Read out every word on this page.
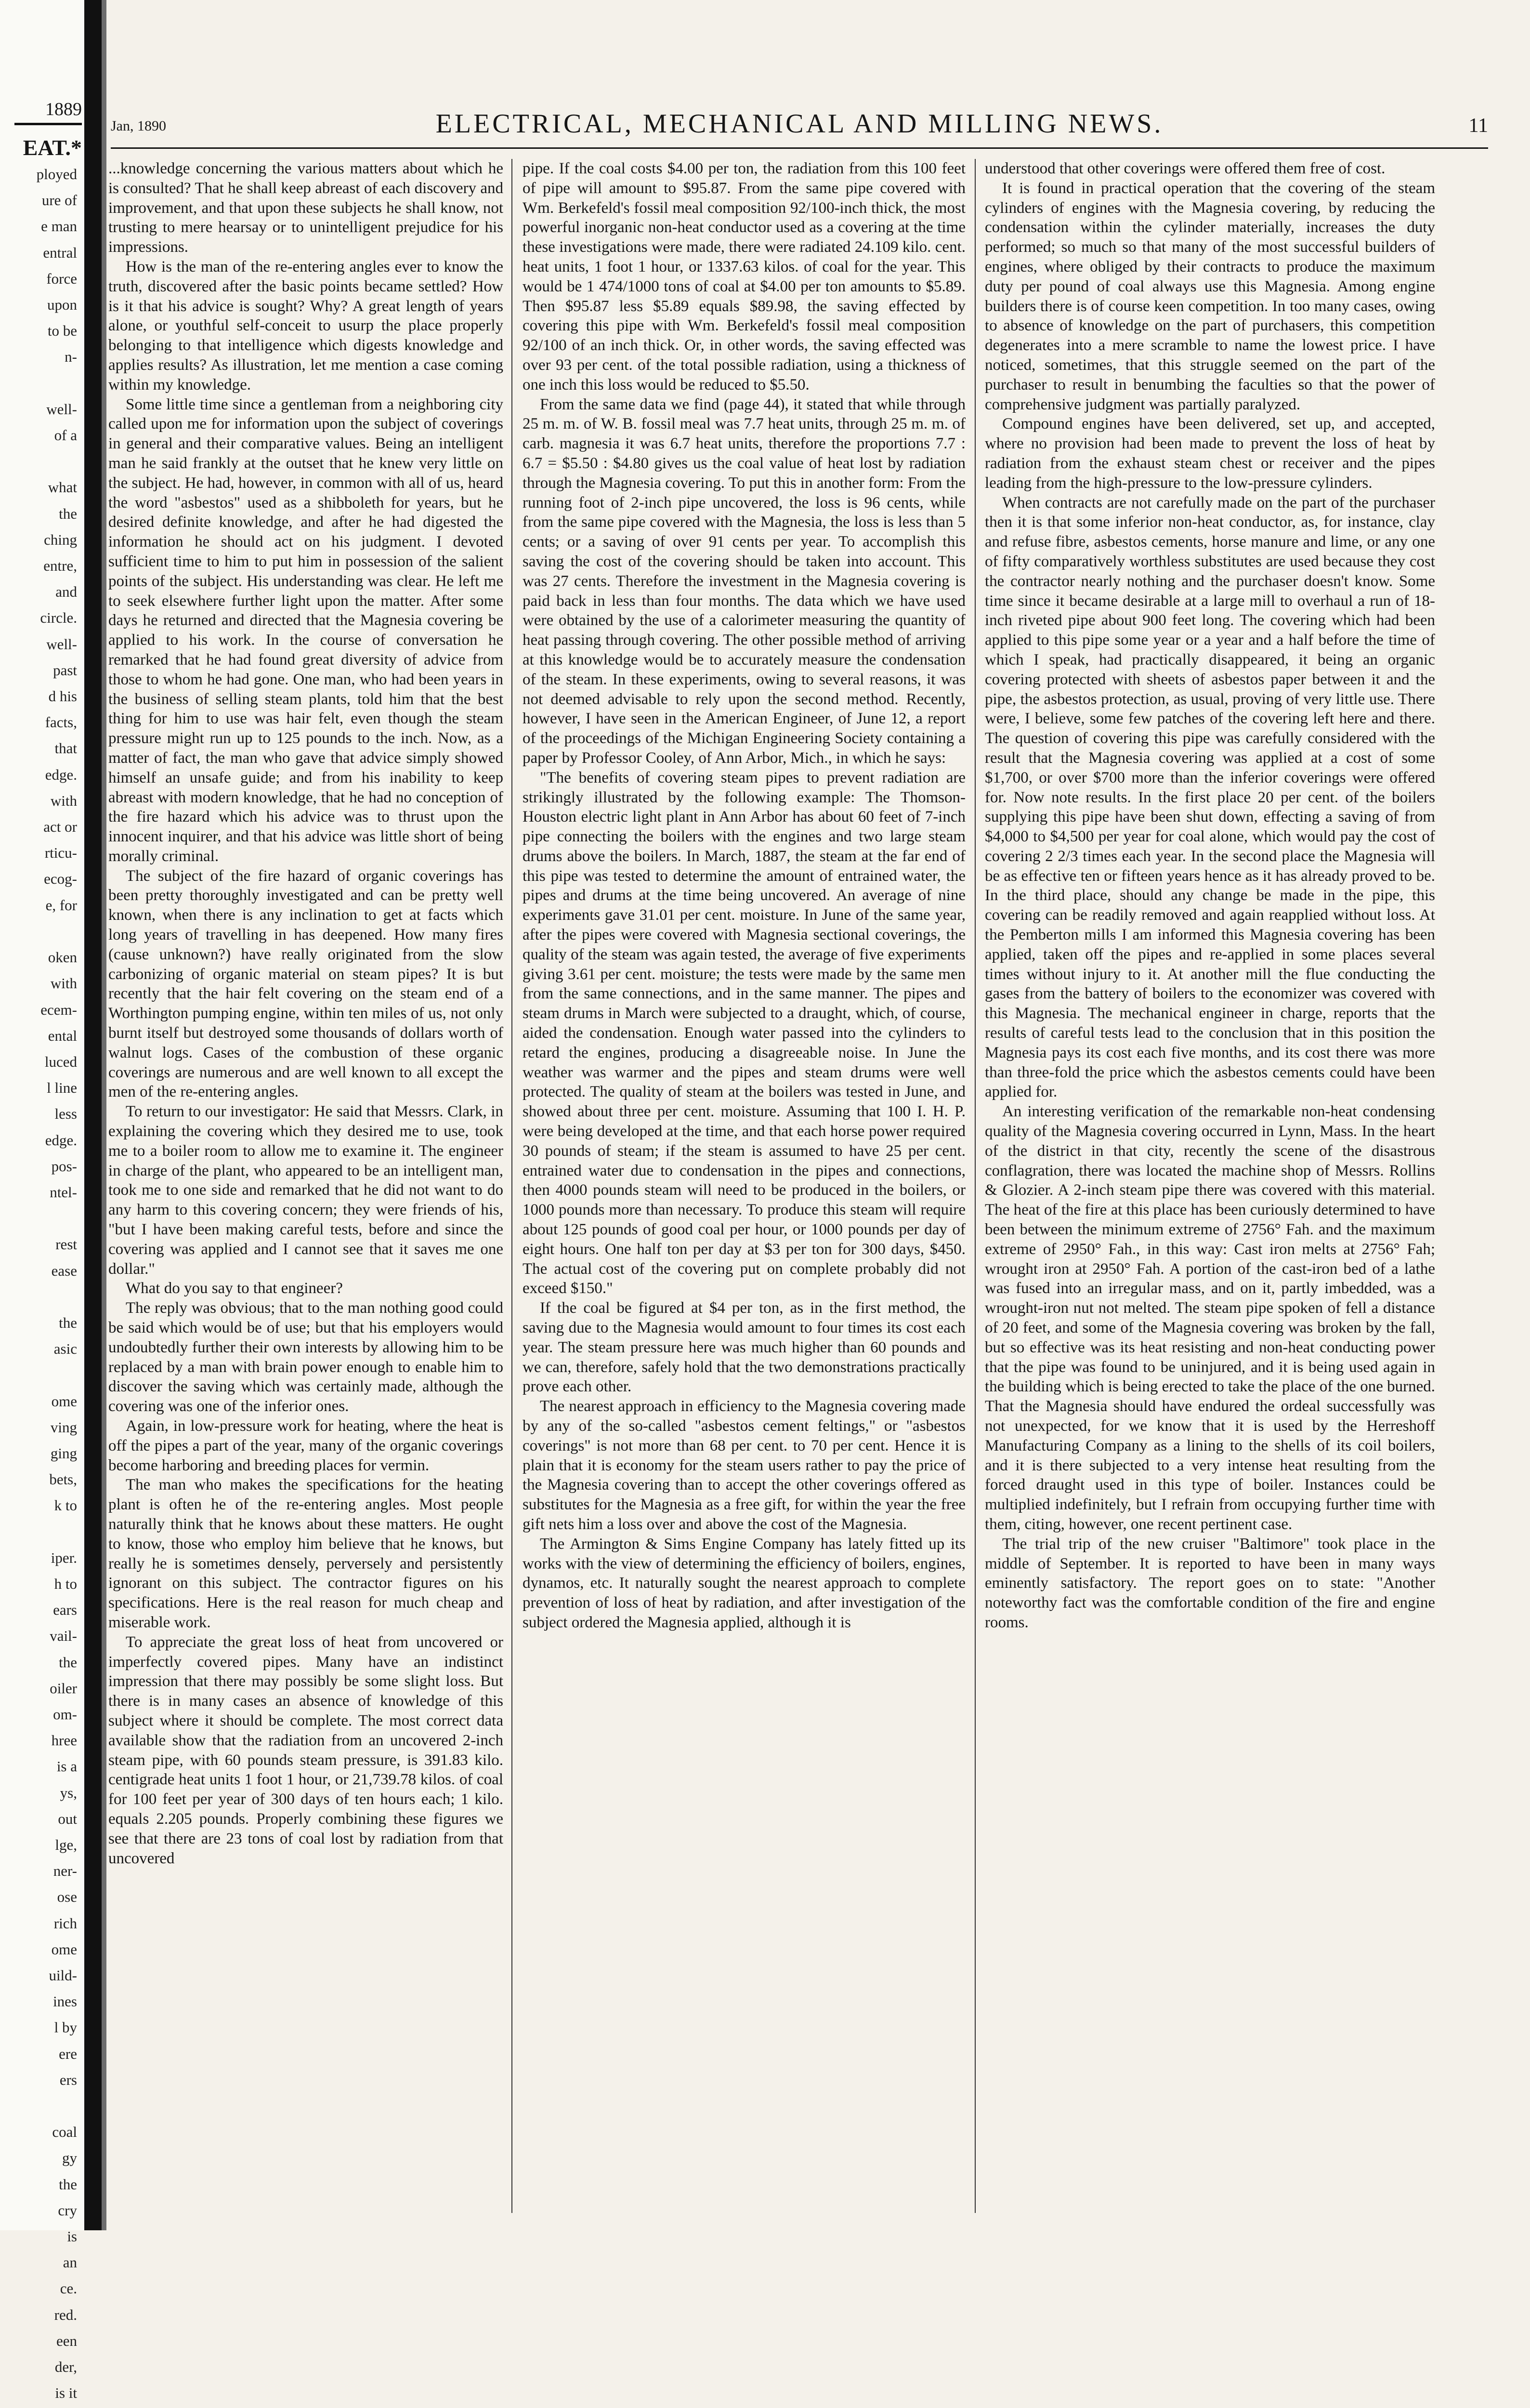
1889
EAT.*
ployed
ure of
e man
entral
force
upon
to be
n-

well-
of a

what
the
ching
entre,
and
circle.
well-
past
d his
facts,
that
edge.
with
act or
rticu-
ecog-
e, for

oken
with
ecem-
ental
luced
l line
less
edge.
pos-
ntel-

rest
ease

the
asic

ome
ving
ging
bets,
k to

iper.
h to
ears
vail-
the
oiler
om-
hree
is a
ys,
out
lge,
ner-
ose
rich
ome
uild-
ines
l by
ere
ers

coal
gy
the
cry
is
an
ce.
red.
een
der,
is it

Jan, 1890	ELECTRICAL, MECHANICAL AND MILLING NEWS.	11

...knowledge concerning the various matters about which he is consulted? That he shall keep abreast of each discovery and improvement, and that upon these subjects he shall know, not trusting to mere hearsay or to unintelligent prejudice for his impressions.

How is the man of the re-entering angles ever to know the truth, discovered after the basic points became settled? How is it that his advice is sought? Why? A great length of years alone, or youthful self-conceit to usurp the place properly belonging to that intelligence which digests knowledge and applies results? As illustration, let me mention a case coming within my knowledge.

Some little time since a gentleman from a neighboring city called upon me for information upon the subject of coverings in general and their comparative values. Being an intelligent man he said frankly at the outset that he knew very little on the subject. He had, however, in common with all of us, heard the word "asbestos" used as a shibboleth for years, but he desired definite knowledge, and after he had digested the information he should act on his judgment. I devoted sufficient time to him to put him in possession of the salient points of the subject. His understanding was clear. He left me to seek elsewhere further light upon the matter. After some days he returned and directed that the Magnesia covering be applied to his work. In the course of conversation he remarked that he had found great diversity of advice from those to whom he had gone. One man, who had been years in the business of selling steam plants, told him that the best thing for him to use was hair felt, even though the steam pressure might run up to 125 pounds to the inch. Now, as a matter of fact, the man who gave that advice simply showed himself an unsafe guide; and from his inability to keep abreast with modern knowledge, that he had no conception of the fire hazard which his advice was to thrust upon the innocent inquirer, and that his advice was little short of being morally criminal.

The subject of the fire hazard of organic coverings has been pretty thoroughly investigated and can be pretty well known, when there is any inclination to get at facts which long years of travelling in has deepened. How many fires (cause unknown?) have really originated from the slow carbonizing of organic material on steam pipes? It is but recently that the hair felt covering on the steam end of a Worthington pumping engine, within ten miles of us, not only burnt itself but destroyed some thousands of dollars worth of walnut logs. Cases of the combustion of these organic coverings are numerous and are well known to all except the men of the re-entering angles.

To return to our investigator: He said that Messrs. Clark, in explaining the covering which they desired me to use, took me to a boiler room to allow me to examine it. The engineer in charge of the plant, who appeared to be an intelligent man, took me to one side and remarked that he did not want to do any harm to this covering concern; they were friends of his, "but I have been making careful tests, before and since the covering was applied and I cannot see that it saves me one dollar."

What do you say to that engineer?

The reply was obvious; that to the man nothing good could be said which would be of use; but that his employers would undoubtedly further their own interests by allowing him to be replaced by a man with brain power enough to enable him to discover the saving which was certainly made, although the covering was one of the inferior ones.

Again, in low-pressure work for heating, where the heat is off the pipes a part of the year, many of the organic coverings become harboring and breeding places for vermin.

The man who makes the specifications for the heating plant is often he of the re-entering angles. Most people naturally think that he knows about these matters. He ought to know, those who employ him believe that he knows, but really he is sometimes densely, perversely and persistently ignorant on this subject. The contractor figures on his specifications. Here is the real reason for much cheap and miserable work.

To appreciate the great loss of heat from uncovered or imperfectly covered pipes. Many have an indistinct impression that there may possibly be some slight loss. But there is in many cases an absence of knowledge of this subject where it should be complete. The most correct data available show that the radiation from an uncovered 2-inch steam pipe, with 60 pounds steam pressure, is 391.83 kilo. centigrade heat units 1 foot 1 hour, or 21,739.78 kilos. of coal for 100 feet per year of 300 days of ten hours each; 1 kilo. equals 2.205 pounds. Properly combining these figures we see that there are 23 tons of coal lost by radiation from that uncovered

pipe. If the coal costs $4.00 per ton, the radiation from this 100 feet of pipe will amount to $95.87. From the same pipe covered with Wm. Berkefeld's fossil meal composition 92/100-inch thick, the most powerful inorganic non-heat conductor used as a covering at the time these investigations were made, there were radiated 24.109 kilo. cent. heat units, 1 foot 1 hour, or 1337.63 kilos. of coal for the year. This would be 1 474/1000 tons of coal at $4.00 per ton amounts to $5.89. Then $95.87 less $5.89 equals $89.98, the saving effected by covering this pipe with Wm. Berkefeld's fossil meal composition 92/100 of an inch thick. Or, in other words, the saving effected was over 93 per cent. of the total possible radiation, using a thickness of one inch this loss would be reduced to $5.50.

From the same data we find (page 44), it stated that while through 25 m. m. of W. B. fossil meal was 7.7 heat units, through 25 m. m. of carb. magnesia it was 6.7 heat units, therefore the proportions 7.7 : 6.7 = $5.50 : $4.80 gives us the coal value of heat lost by radiation through the Magnesia covering. To put this in another form: From the running foot of 2-inch pipe uncovered, the loss is 96 cents, while from the same pipe covered with the Magnesia, the loss is less than 5 cents; or a saving of over 91 cents per year. To accomplish this saving the cost of the covering should be taken into account. This was 27 cents. Therefore the investment in the Magnesia covering is paid back in less than four months. The data which we have used were obtained by the use of a calorimeter measuring the quantity of heat passing through covering. The other possible method of arriving at this knowledge would be to accurately measure the condensation of the steam. In these experiments, owing to several reasons, it was not deemed advisable to rely upon the second method. Recently, however, I have seen in the American Engineer, of June 12, a report of the proceedings of the Michigan Engineering Society containing a paper by Professor Cooley, of Ann Arbor, Mich., in which he says:

"The benefits of covering steam pipes to prevent radiation are strikingly illustrated by the following example: The Thomson-Houston electric light plant in Ann Arbor has about 60 feet of 7-inch pipe connecting the boilers with the engines and two large steam drums above the boilers. In March, 1887, the steam at the far end of this pipe was tested to determine the amount of entrained water, the pipes and drums at the time being uncovered. An average of nine experiments gave 31.01 per cent. moisture. In June of the same year, after the pipes were covered with Magnesia sectional coverings, the quality of the steam was again tested, the average of five experiments giving 3.61 per cent. moisture; the tests were made by the same men from the same connections, and in the same manner. The pipes and steam drums in March were subjected to a draught, which, of course, aided the condensation. Enough water passed into the cylinders to retard the engines, producing a disagreeable noise. In June the weather was warmer and the pipes and steam drums were well protected. The quality of steam at the boilers was tested in June, and showed about three per cent. moisture. Assuming that 100 I. H. P. were being developed at the time, and that each horse power required 30 pounds of steam; if the steam is assumed to have 25 per cent. entrained water due to condensation in the pipes and connections, then 4000 pounds steam will need to be produced in the boilers, or 1000 pounds more than necessary. To produce this steam will require about 125 pounds of good coal per hour, or 1000 pounds per day of eight hours. One half ton per day at $3 per ton for 300 days, $450. The actual cost of the covering put on complete probably did not exceed $150."

If the coal be figured at $4 per ton, as in the first method, the saving due to the Magnesia would amount to four times its cost each year. The steam pressure here was much higher than 60 pounds and we can, therefore, safely hold that the two demonstrations practically prove each other.

The nearest approach in efficiency to the Magnesia covering made by any of the so-called "asbestos cement feltings," or "asbestos coverings" is not more than 68 per cent. to 70 per cent. Hence it is plain that it is economy for the steam users rather to pay the price of the Magnesia covering than to accept the other coverings offered as substitutes for the Magnesia as a free gift, for within the year the free gift nets him a loss over and above the cost of the Magnesia.

The Armington & Sims Engine Company has lately fitted up its works with the view of determining the efficiency of boilers, engines, dynamos, etc. It naturally sought the nearest approach to complete prevention of loss of heat by radiation, and after investigation of the subject ordered the Magnesia applied, although it is

understood that other coverings were offered them free of cost.

It is found in practical operation that the covering of the steam cylinders of engines with the Magnesia covering, by reducing the condensation within the cylinder materially, increases the duty performed; so much so that many of the most successful builders of engines, where obliged by their contracts to produce the maximum duty per pound of coal always use this Magnesia. Among engine builders there is of course keen competition. In too many cases, owing to absence of knowledge on the part of purchasers, this competition degenerates into a mere scramble to name the lowest price. I have noticed, sometimes, that this struggle seemed on the part of the purchaser to result in benumbing the faculties so that the power of comprehensive judgment was partially paralyzed.

Compound engines have been delivered, set up, and accepted, where no provision had been made to prevent the loss of heat by radiation from the exhaust steam chest or receiver and the pipes leading from the high-pressure to the low-pressure cylinders.

When contracts are not carefully made on the part of the purchaser then it is that some inferior non-heat conductor, as, for instance, clay and refuse fibre, asbestos cements, horse manure and lime, or any one of fifty comparatively worthless substitutes are used because they cost the contractor nearly nothing and the purchaser doesn't know. Some time since it became desirable at a large mill to overhaul a run of 18-inch riveted pipe about 900 feet long. The covering which had been applied to this pipe some year or a year and a half before the time of which I speak, had practically disappeared, it being an organic covering protected with sheets of asbestos paper between it and the pipe, the asbestos protection, as usual, proving of very little use. There were, I believe, some few patches of the covering left here and there. The question of covering this pipe was carefully considered with the result that the Magnesia covering was applied at a cost of some $1,700, or over $700 more than the inferior coverings were offered for. Now note results. In the first place 20 per cent. of the boilers supplying this pipe have been shut down, effecting a saving of from $4,000 to $4,500 per year for coal alone, which would pay the cost of covering 2 2/3 times each year. In the second place the Magnesia will be as effective ten or fifteen years hence as it has already proved to be. In the third place, should any change be made in the pipe, this covering can be readily removed and again reapplied without loss. At the Pemberton mills I am informed this Magnesia covering has been applied, taken off the pipes and re-applied in some places several times without injury to it. At another mill the flue conducting the gases from the battery of boilers to the economizer was covered with this Magnesia. The mechanical engineer in charge, reports that the results of careful tests lead to the conclusion that in this position the Magnesia pays its cost each five months, and its cost there was more than three-fold the price which the asbestos cements could have been applied for.

An interesting verification of the remarkable non-heat condensing quality of the Magnesia covering occurred in Lynn, Mass. In the heart of the district in that city, recently the scene of the disastrous conflagration, there was located the machine shop of Messrs. Rollins & Glozier. A 2-inch steam pipe there was covered with this material. The heat of the fire at this place has been curiously determined to have been between the minimum extreme of 2756° Fah. and the maximum extreme of 2950° Fah., in this way: Cast iron melts at 2756° Fah; wrought iron at 2950° Fah. A portion of the cast-iron bed of a lathe was fused into an irregular mass, and on it, partly imbedded, was a wrought-iron nut not melted. The steam pipe spoken of fell a distance of 20 feet, and some of the Magnesia covering was broken by the fall, but so effective was its heat resisting and non-heat conducting power that the pipe was found to be uninjured, and it is being used again in the building which is being erected to take the place of the one burned. That the Magnesia should have endured the ordeal successfully was not unexpected, for we know that it is used by the Herreshoff Manufacturing Company as a lining to the shells of its coil boilers, and it is there subjected to a very intense heat resulting from the forced draught used in this type of boiler. Instances could be multiplied indefinitely, but I refrain from occupying further time with them, citing, however, one recent pertinent case.

The trial trip of the new cruiser "Baltimore" took place in the middle of September. It is reported to have been in many ways eminently satisfactory. The report goes on to state: "Another noteworthy fact was the comfortable condition of the fire and engine rooms.
